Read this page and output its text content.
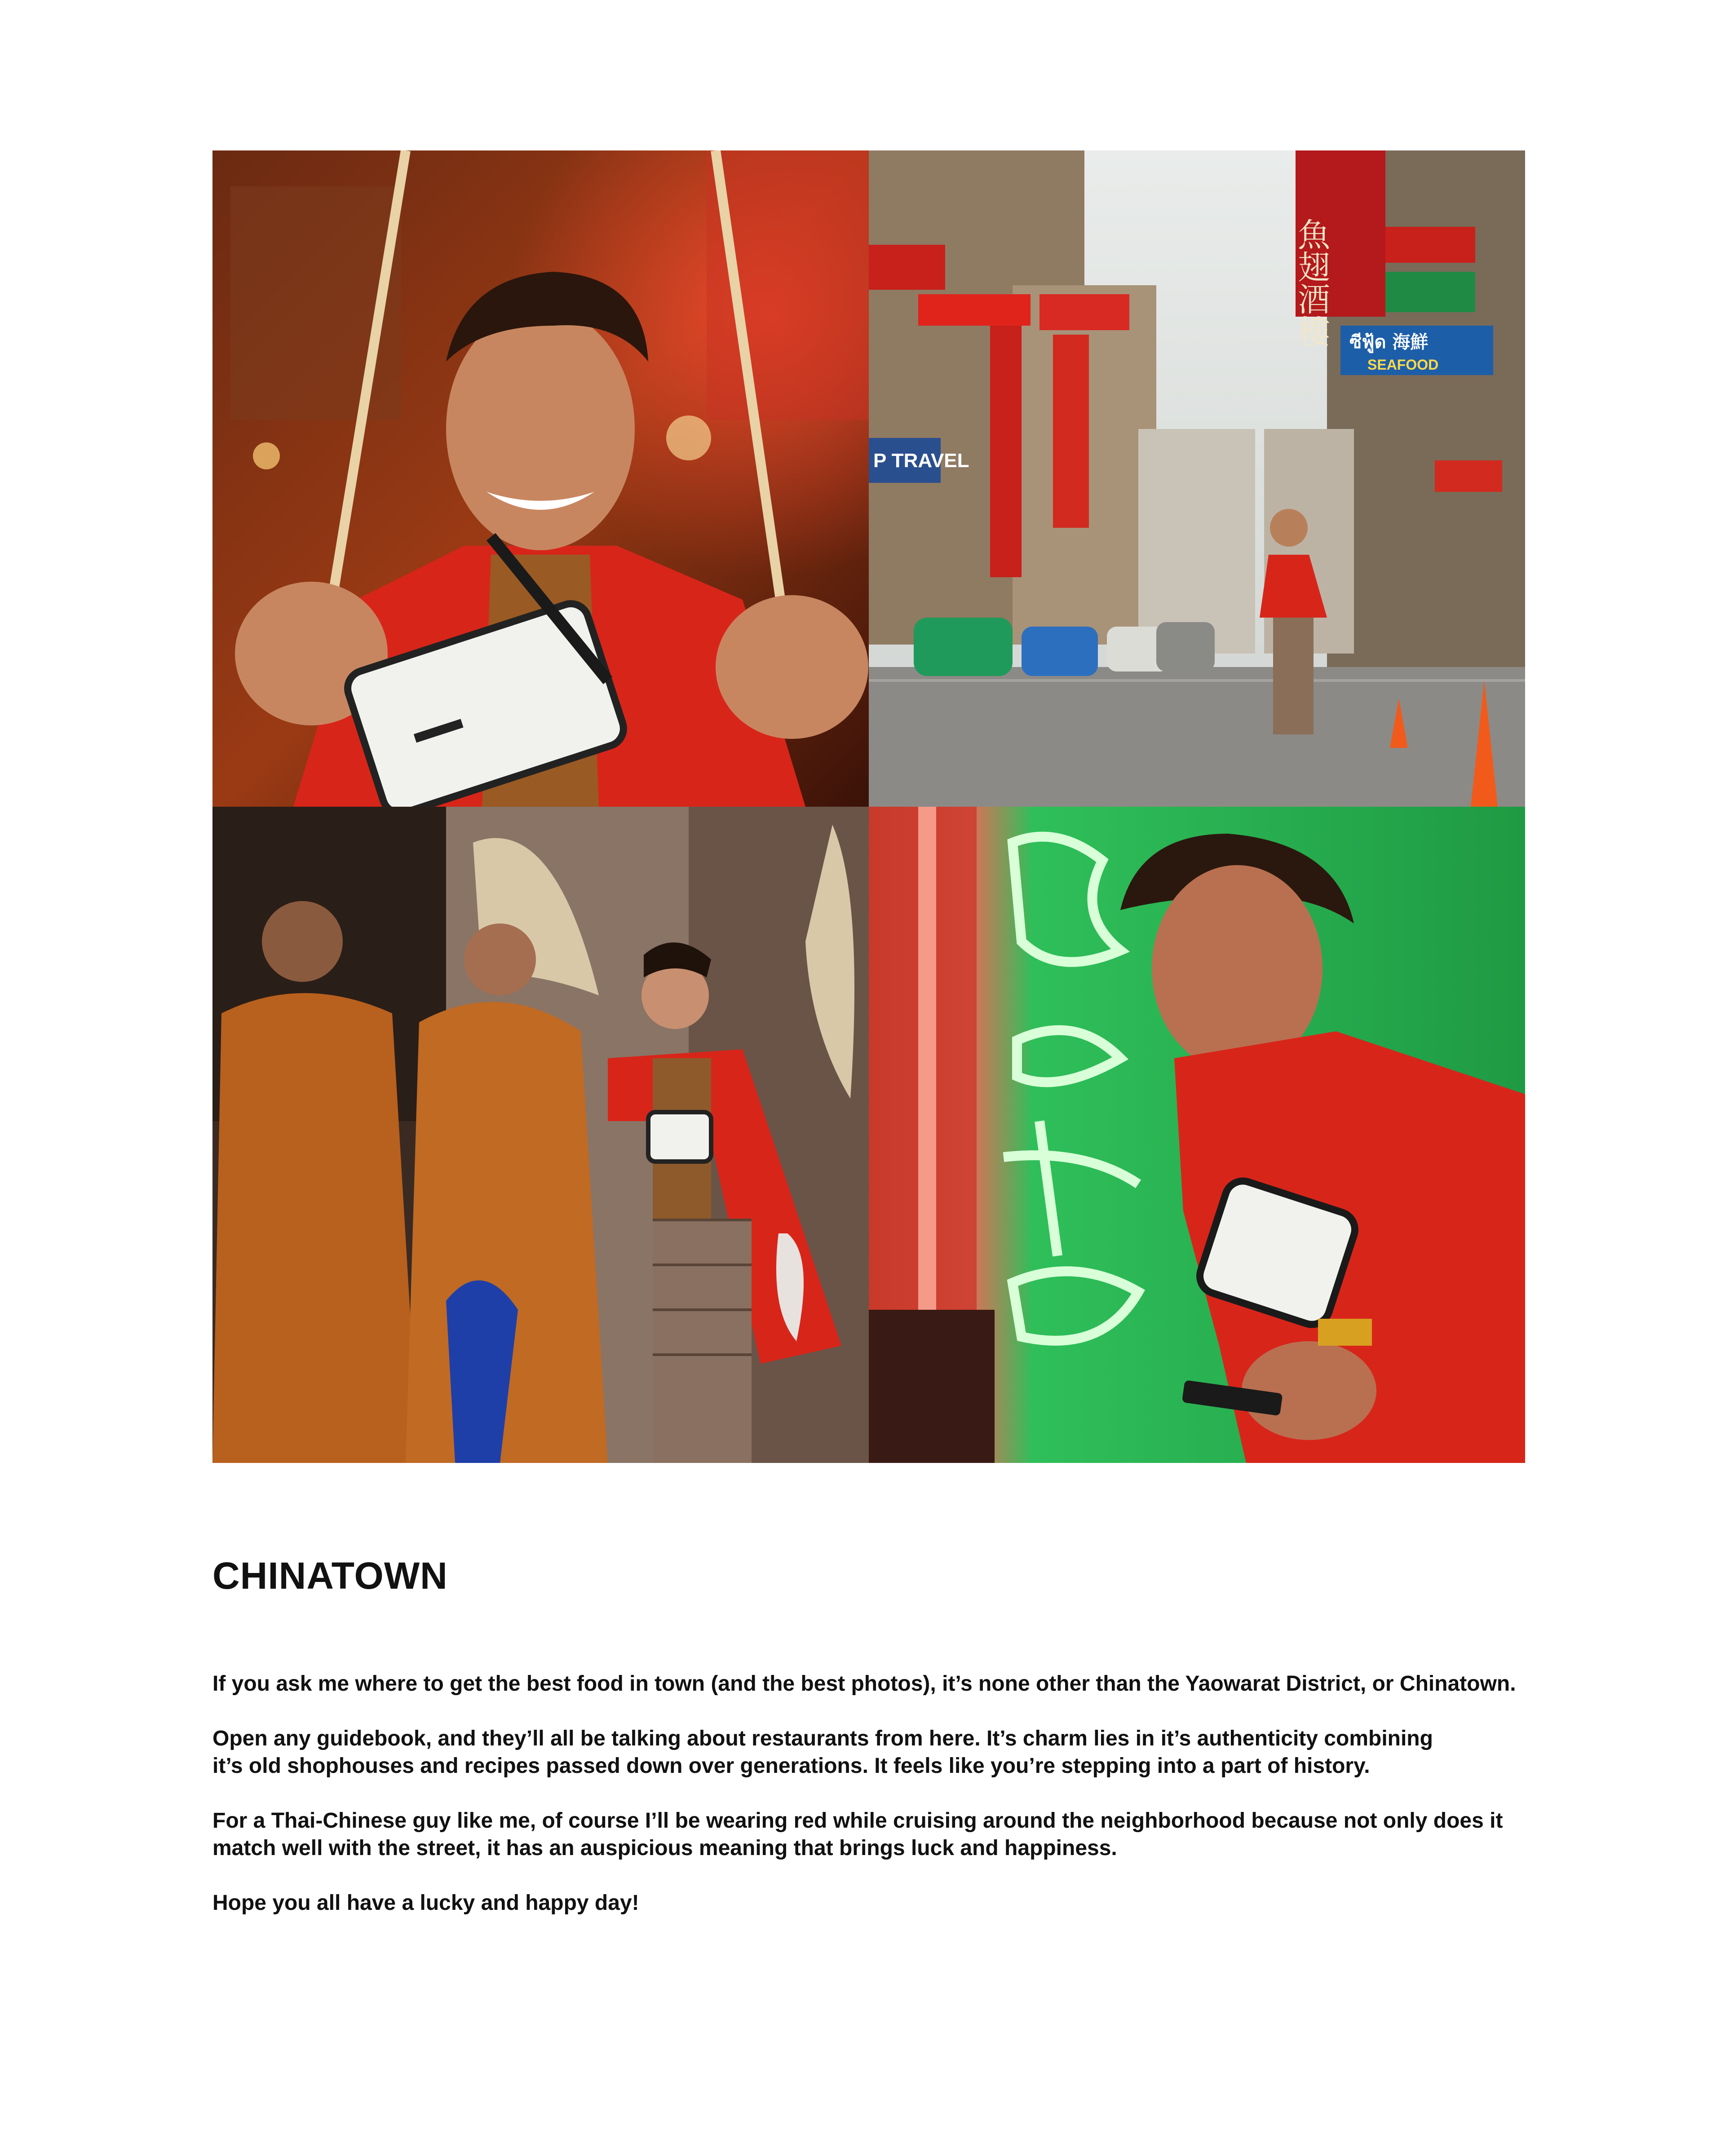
P TRAVEL
魚翅酒樓 ซีฟู้ด 海鮮
SEAFOOD
CHINATOWN

If you ask me where to get the best food in town (and the best photos), it’s none other than the Yaowarat District, or Chinatown.

Open any guidebook, and they’ll all be talking about restaurants from here. It’s charm lies in it’s authenticity combining
it’s old shophouses and recipes passed down over generations. It feels like you’re stepping into a part of history.

For a Thai-Chinese guy like me, of course I’ll be wearing red while cruising around the neighborhood because not only does it match well with the street, it has an auspicious meaning that brings luck and happiness.

Hope you all have a lucky and happy day!
